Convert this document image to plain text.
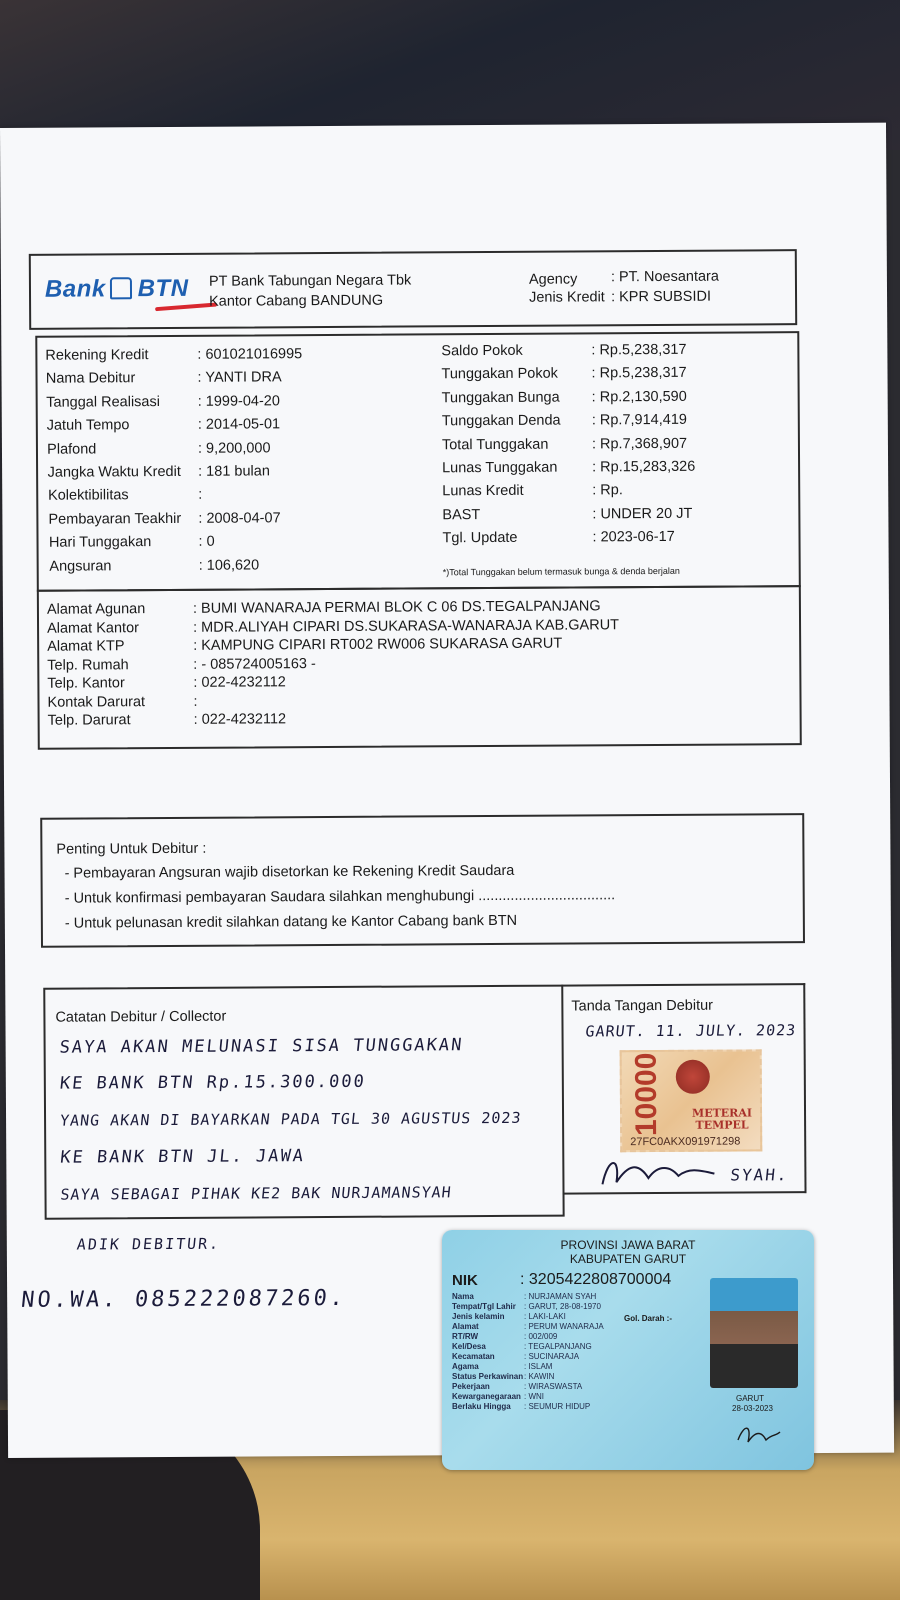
Bank BTN PT Bank Tabungan Negara Tbk
Kantor Cabang BANDUNG
Agency : PT. Noesantara
Jenis Kredit : KPR SUBSIDI
Rekening Kredit	: 601021016995
Nama Debitur	: YANTI DRA
Tanggal Realisasi	: 1999-04-20
Jatuh Tempo	: 2014-05-01
Plafond	: 9,200,000
Jangka Waktu Kredit : 181 bulan
Kolektibilitas	:
Pembayaran Teakhir : 2008-04-07
Hari Tunggakan	: 0
Angsuran	: 106,620
Saldo Pokok	: Rp.5,238,317
Tunggakan Pokok : Rp.5,238,317
Tunggakan Bunga : Rp.2,130,590
Tunggakan Denda : Rp.7,914,419
Total Tunggakan	: Rp.7,368,907
Lunas Tunggakan : Rp.15,283,326
Lunas Kredit	: Rp.
BAST	: UNDER 20 JT
Tgl. Update	: 2023-06-17
*)Total Tunggakan belum termasuk bunga & denda berjalan
Alamat Agunan	: BUMI WANARAJA PERMAI BLOK C 06 DS.TEGALPANJANG
Alamat Kantor	: MDR.ALIYAH CIPARI DS.SUKARASA-WANARAJA KAB.GARUT
Alamat KTP	: KAMPUNG CIPARI RT002 RW006 SUKARASA GARUT
Telp. Rumah	: - 085724005163 -
Telp. Kantor	: 022-4232112
Kontak Darurat	:
Telp. Darurat	: 022-4232112
Penting Untuk Debitur :
- Pembayaran Angsuran wajib disetorkan ke Rekening Kredit Saudara
- Untuk konfirmasi pembayaran Saudara silahkan menghubungi ..................................
- Untuk pelunasan kredit silahkan datang ke Kantor Cabang bank BTN
Catatan Debitur / Collector
SAYA AKAN MELUNASI SISA TUNGGAKAN
KE BANK BTN Rp.15.300.000
YANG AKAN DI BAYARKAN PADA TGL 30 AGUSTUS 2023
KE BANK BTN JL. JAWA
SAYA SEBAGAI PIHAK KE2 BAK NURJAMANSYAH
Tanda Tangan Debitur
GARUT. 11. JULY. 2023
SYAH.
10000	METERAI
TEMPEL
27FC0AKX091971298
ADIK DEBITUR.
NO.WA. 085222087260.
PROVINSI JAWA BARAT
KABUPATEN GARUT
NIK	: 3205422808700004
Nama	: NURJAMAN SYAH
Tempat/Tgl Lahir : GARUT, 28-08-1970
Jenis kelamin : LAKI-LAKI
Alamat	: PERUM WANARAJA
RT/RW	: 002/009
Kel/Desa	: TEGALPANJANG
Kecamatan	: SUCINARAJA
Agama	: ISLAM
Status Perkawinan : KAWIN
Pekerjaan	: WIRASWASTA
Kewarganegaraan : WNI
Berlaku Hingga : SEUMUR HIDUP
Gol. Darah :-
GARUT
28-03-2023
